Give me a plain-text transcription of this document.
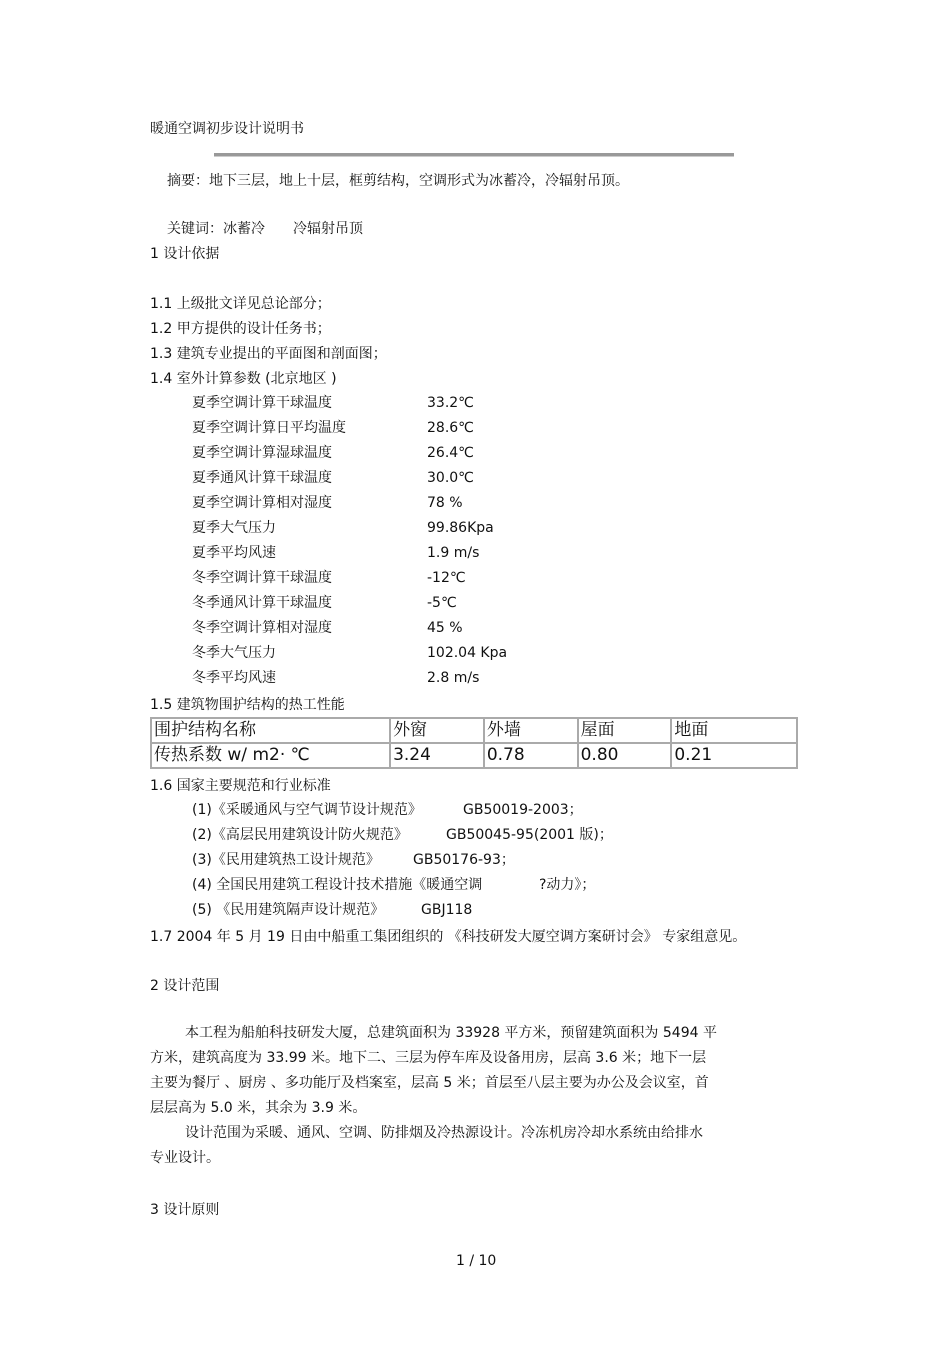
暖通空调初步设计说明书
摘要：地下三层，地上十层，框剪结构，空调形式为冰蓄冷，冷辐射吊顶。
关键词：冰蓄冷 冷辐射吊顶
1 设计依据
1.1 上级批文详见总论部分；
1.2 甲方提供的设计任务书；
1.3 建筑专业提出的平面图和剖面图；
1.4 室外计算参数 (北京地区 )
夏季空调计算干球温度	33.2℃
夏季空调计算日平均温度	28.6℃
夏季空调计算湿球温度	26.4℃
夏季通风计算干球温度	30.0℃
夏季空调计算相对湿度	78 %
夏季大气压力	99.86Kpa
夏季平均风速	1.9 m/s
冬季空调计算干球温度	-12℃
冬季通风计算干球温度	-5℃
冬季空调计算相对湿度	45 %
冬季大气压力	102.04 Kpa
冬季平均风速	2.8 m/s
1.5 建筑物围护结构的热工性能
围护结构名称	外窗	外墙	屋面	地面
传热系数 w/ m2· ℃	3.24	0.78	0.80	0.21
1.6 国家主要规范和行业标准
(1)《采暖通风与空气调节设计规范》	GB50019-2003；
(2)《高层民用建筑设计防火规范》	GB50045-95(2001 版)；
(3)《民用建筑热工设计规范》 GB50176-93；
(4) 全国民用建筑工程设计技术措施《暖通空调	?动力》；
(5) 《民用建筑隔声设计规范》	GBJ118
1.7 2004 年 5 月 19 日由中船重工集团组织的 《科技研发大厦空调方案研讨会》 专家组意见。
2 设计范围
本工程为船舶科技研发大厦，总建筑面积为 33928 平方米，预留建筑面积为 5494 平
方米，建筑高度为 33.99 米。地下二、三层为停车库及设备用房，层高 3.6 米；地下一层
主要为餐厅 、厨房 、多功能厅及档案室，层高 5 米；首层至八层主要为办公及会议室，首
层层高为 5.0 米，其余为 3.9 米。
设计范围为采暖、通风、空调、防排烟及冷热源设计。冷冻机房冷却水系统由给排水
专业设计。
3 设计原则
1 / 10
